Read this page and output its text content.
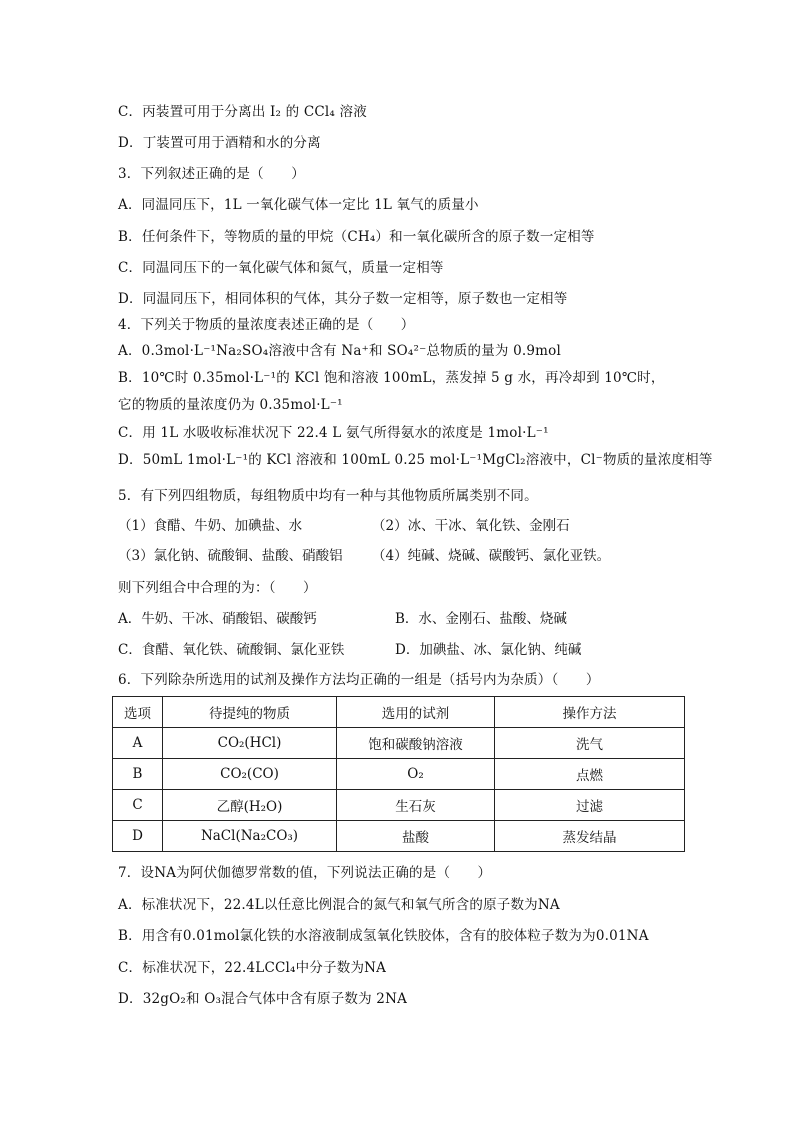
C．丙装置可用于分离出 I₂ 的 CCl₄ 溶液
D．丁装置可用于酒精和水的分离
3．下列叙述正确的是（　　）
A．同温同压下，1L 一氧化碳气体一定比 1L 氧气的质量小
B．任何条件下，等物质的量的甲烷（CH₄）和一氧化碳所含的原子数一定相等
C．同温同压下的一氧化碳气体和氮气，质量一定相等
D．同温同压下，相同体积的气体，其分子数一定相等，原子数也一定相等
4．下列关于物质的量浓度表述正确的是（　　）
A．0.3mol·L⁻¹Na₂SO₄溶液中含有 Na⁺和 SO₄²⁻总物质的量为 0.9mol
B．10℃时 0.35mol·L⁻¹的 KCl 饱和溶液 100mL，蒸发掉 5 g 水，再冷却到 10℃时，
它的物质的量浓度仍为 0.35mol·L⁻¹
C．用 1L 水吸收标准状况下 22.4 L 氨气所得氨水的浓度是 1mol·L⁻¹
D．50mL 1mol·L⁻¹的 KCl 溶液和 100mL 0.25 mol·L⁻¹MgCl₂溶液中，Cl⁻物质的量浓度相等
5．有下列四组物质，每组物质中均有一种与其他物质所属类别不同。
（1）食醋、牛奶、加碘盐、水	（2）冰、干冰、氧化铁、金刚石
（3）氯化钠、硫酸铜、盐酸、硝酸铝 （4）纯碱、烧碱、碳酸钙、氯化亚铁。
则下列组合中合理的为：（　　）
A．牛奶、干冰、硝酸铝、碳酸钙	B．水、金刚石、盐酸、烧碱
C．食醋、氧化铁、硫酸铜、氯化亚铁	D．加碘盐、冰、氯化钠、纯碱
6．下列除杂所选用的试剂及操作方法均正确的一组是（括号内为杂质）（　　）
选项	待提纯的物质	选用的试剂	操作方法
A	CO₂(HCl)	饱和碳酸钠溶液	洗气
B	CO₂(CO)	O₂	点燃
C	乙醇(H₂O)	生石灰	过滤
D	NaCl(Na₂CO₃)	盐酸	蒸发结晶
7．设NA为阿伏伽德罗常数的值，下列说法正确的是（　　）
A．标准状况下，22.4L以任意比例混合的氮气和氧气所含的原子数为NA
B．用含有0.01mol氯化铁的水溶液制成氢氧化铁胶体，含有的胶体粒子数为为0.01NA
C．标准状况下，22.4LCCl₄中分子数为NA
D．32gO₂和 O₃混合气体中含有原子数为 2NA
